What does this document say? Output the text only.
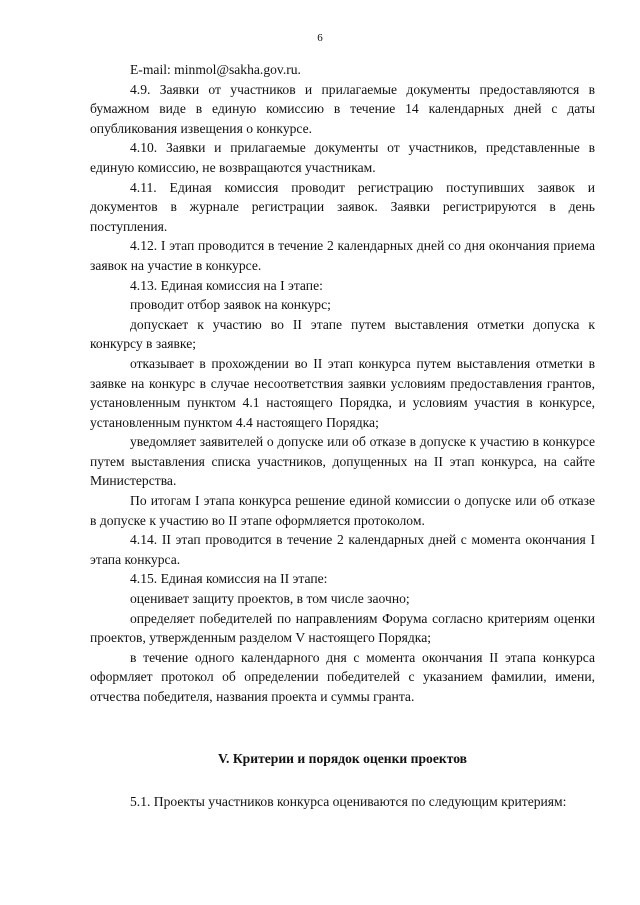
6

E-mail: minmol@sakha.gov.ru.

4.9. Заявки от участников и прилагаемые документы предоставляются в бумажном виде в единую комиссию в течение 14 календарных дней с даты опубликования извещения о конкурсе.

4.10. Заявки и прилагаемые документы от участников, представленные в единую комиссию, не возвращаются участникам.

4.11. Единая комиссия проводит регистрацию поступивших заявок и документов в журнале регистрации заявок. Заявки регистрируются в день поступления.

4.12. I этап проводится в течение 2 календарных дней со дня окончания приема заявок на участие в конкурсе.

4.13. Единая комиссия на I этапе:

проводит отбор заявок на конкурс;

допускает к участию во II этапе путем выставления отметки допуска к конкурсу в заявке;

отказывает в прохождении во II этап конкурса путем выставления отметки в заявке на конкурс в случае несоответствия заявки условиям предоставления грантов, установленным пунктом 4.1 настоящего Порядка, и условиям участия в конкурсе, установленным пунктом 4.4 настоящего Порядка;

уведомляет заявителей о допуске или об отказе в допуске к участию в конкурсе путем выставления списка участников, допущенных на II этап конкурса, на сайте Министерства.

По итогам I этапа конкурса решение единой комиссии о допуске или об отказе в допуске к участию во II этапе оформляется протоколом.

4.14. II этап проводится в течение 2 календарных дней с момента окончания I этапа конкурса.

4.15. Единая комиссия на II этапе:

оценивает защиту проектов, в том числе заочно;

определяет победителей по направлениям Форума согласно критериям оценки проектов, утвержденным разделом V настоящего Порядка;

в течение одного календарного дня с момента окончания II этапа конкурса оформляет протокол об определении победителей с указанием фамилии, имени, отчества победителя, названия проекта и суммы гранта.

V. Критерии и порядок оценки проектов

5.1. Проекты участников конкурса оцениваются по следующим критериям:
